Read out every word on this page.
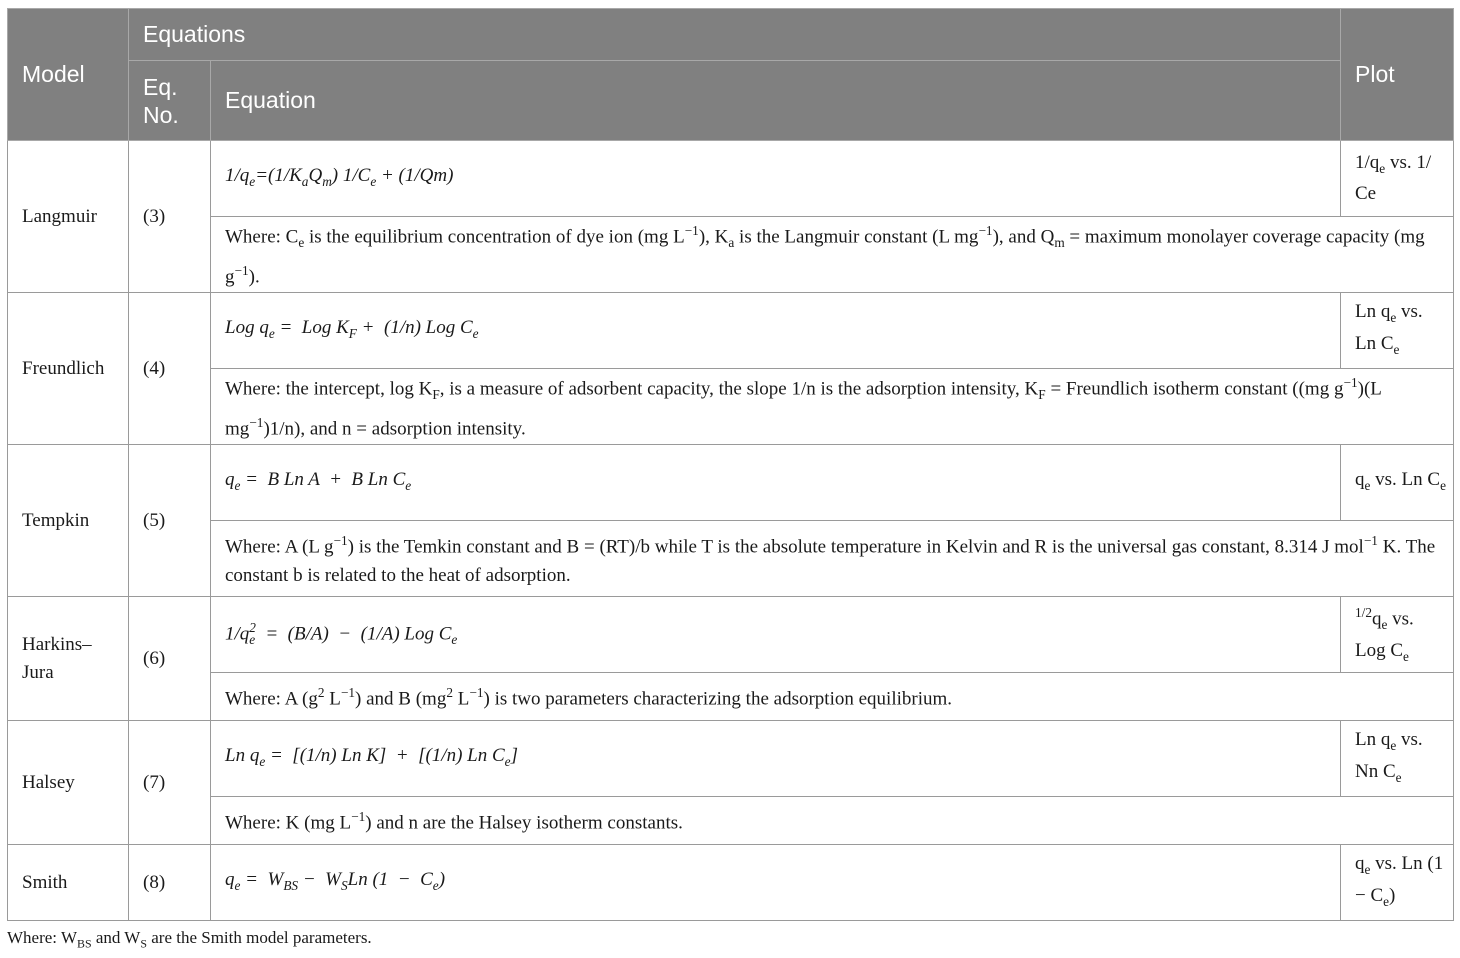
Model	Equations		Plot
	Eq. No.	Equation	
Langmuir	(3)	$1/q_e=(1/K_aQ_m) 1/C_e + (1/Qm)$	$1/q_e$ vs. 1/ Ce
		Where: $C_e$ is the equilibrium concentration of dye ion (mg $L^{-1}$), $K_a$ is the Langmuir constant (L $mg^{-1}$), and $Q_m$ = maximum monolayer coverage capacity (mg $g^{-1}$).	
Freundlich	(4)	Log $q_e$ =  Log $K_F + (1/n)$ Log $C_e$	Ln $q_e$ vs. Ln $C_e$
		Where: the intercept, $\log K_F$, is a measure of adsorbent capacity, the slope 1/n is the adsorption intensity, $K_F$ = Freundlich isotherm constant ((mg $g^{-1})(L$ $mg^{-1})1/n$), and n = adsorption intensity.	
Tempkin	(5)	$q_e = B$ Ln A  +  B Ln $C_e$	$q_e$ vs. Ln $C_e$
		Where: A (L $g^{-1}$) is the Temkin constant and B = (RT)/b while T is the absolute temperature in Kelvin and R is the universal gas constant, 8.314 J mol$^{-1}$ K. The constant b is related to the heat of adsorption.	
Harkins–Jura	(6)	$1/q_e^2 = (B/A) - (1/A)$ Log $C_e$	$^{1/2}q_e$ vs. Log $C_e$
		Where: A ($g^2$ $L^{-1}$) and B ($mg^2$ $L^{-1}$) is two parameters characterizing the adsorption equilibrium.	
Halsey	(7)	Ln $q_e = [(1/n)$ Ln K]  +  [(1/n) Ln $C_e$]	Ln $q_e$ vs. Nn $C_e$
		Where: K (mg $L^{-1}$) and n are the Halsey isotherm constants.	
Smith	(8)	$q_e = W_{BS} - W_SLn$ $(1 - C_e)$	$q_e$ vs. Ln $(1 - C_e)$
Where: $W_{BS}$ and $W_S$ are the Smith model parameters.
